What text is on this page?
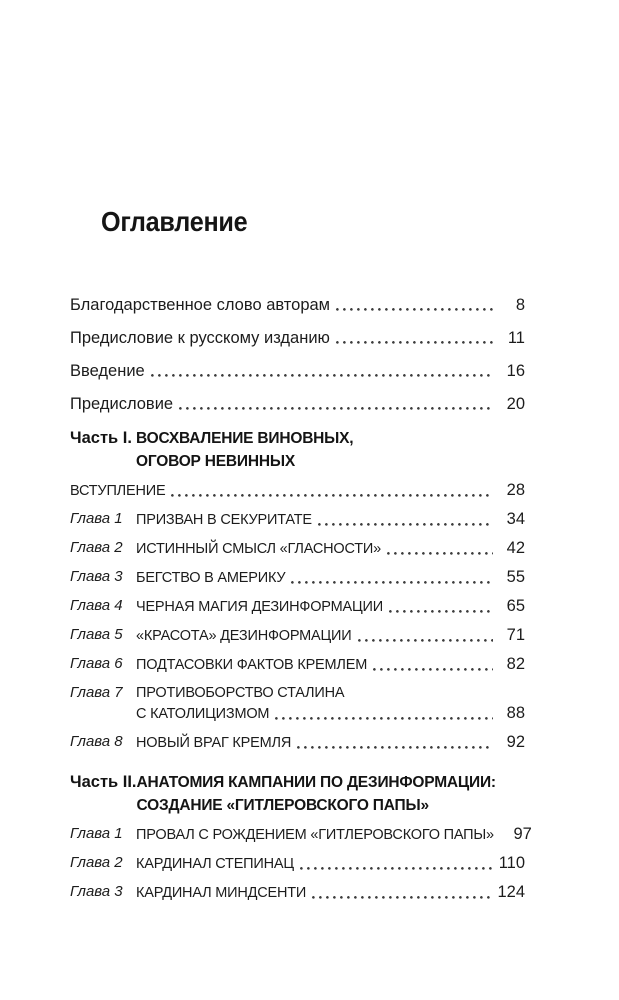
Оглавление
Благодарственное слово авторам	8
Предисловие к русскому изданию	11
Введение	16
Предисловие	20
Часть I. ВОСХВАЛЕНИЕ ВИНОВНЫХ,
ОГОВОР НЕВИННЫХ
ВСТУПЛЕНИЕ	28
Глава 1 ПРИЗВАН В СЕКУРИТАТЕ	34
Глава 2 ИСТИННЫЙ СМЫСЛ «ГЛАСНОСТИ»	42
Глава 3 БЕГСТВО В АМЕРИКУ	55
Глава 4 ЧЕРНАЯ МАГИЯ ДЕЗИНФОРМАЦИИ	65
Глава 5 «КРАСОТА» ДЕЗИНФОРМАЦИИ	71
Глава 6 ПОДТАСОВКИ ФАКТОВ КРЕМЛЕМ	82
Глава 7 ПРОТИВОБОРСТВО СТАЛИНА
С КАТОЛИЦИЗМОМ	88
Глава 8 НОВЫЙ ВРАГ КРЕМЛЯ	92
Часть II. АНАТОМИЯ КАМПАНИИ ПО ДЕЗИНФОРМАЦИИ:
СОЗДАНИЕ «ГИТЛЕРОВСКОГО ПАПЫ»
Глава 1 ПРОВАЛ С РОЖДЕНИЕМ «ГИТЛЕРОВСКОГО ПАПЫ»	97
Глава 2 КАРДИНАЛ СТЕПИНАЦ	110
Глава 3 КАРДИНАЛ МИНДСЕНТИ	124
